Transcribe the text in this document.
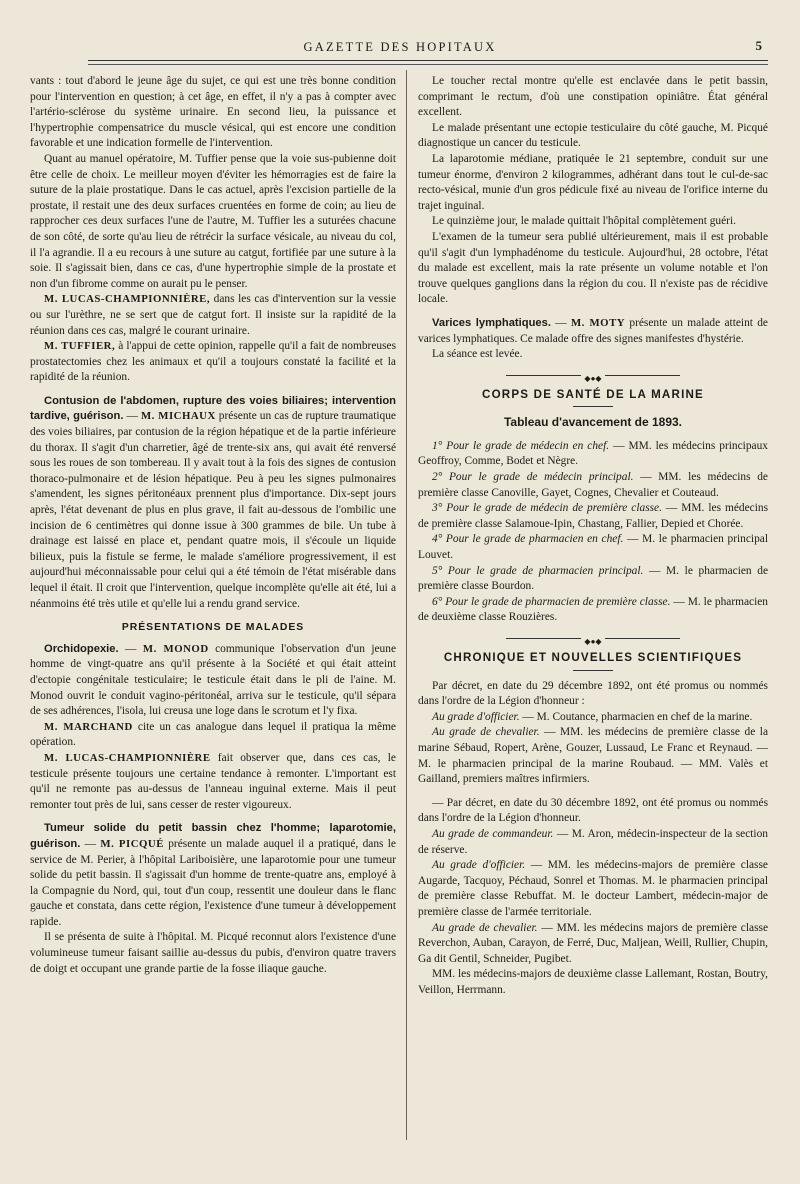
GAZETTE DES HOPITAUX	5

vants : tout d'abord le jeune âge du sujet, ce qui est une très bonne condition pour l'intervention en question; à cet âge, en effet, il n'y a pas à compter avec l'artério-sclérose du système urinaire. En second lieu, la puissance et l'hypertrophie compensatrice du muscle vésical, qui est encore une condition favorable et une indication formelle de l'intervention.

Quant au manuel opératoire, M. Tuffier pense que la voie sus-pubienne doit être celle de choix. Le meilleur moyen d'éviter les hémorragies est de faire la suture de la plaie prostatique. Dans le cas actuel, après l'excision partielle de la prostate, il restait une des deux surfaces cruentées en forme de coin; au lieu de rapprocher ces deux surfaces l'une de l'autre, M. Tuffier les a suturées chacune de son côté, de sorte qu'au lieu de rétrécir la surface vésicale, au niveau du col, il l'a agrandie. Il a eu recours à une suture au catgut, fortifiée par une suture à la soie. Il s'agissait bien, dans ce cas, d'une hypertrophie simple de la prostate et non d'un fibrome comme on aurait pu le penser.

M. LUCAS-CHAMPIONNIÈRE, dans les cas d'intervention sur la vessie ou sur l'urèthre, ne se sert que de catgut fort. Il insiste sur la rapidité de la réunion dans ces cas, malgré le courant urinaire.

M. TUFFIER, à l'appui de cette opinion, rappelle qu'il a fait de nombreuses prostatectomies chez les animaux et qu'il a toujours constaté la facilité et la rapidité de la réunion.

Contusion de l'abdomen, rupture des voies biliaires; intervention tardive, guérison. — M. MICHAUX présente un cas de rupture traumatique des voies biliaires, par contusion de la région hépatique et de la partie inférieure du thorax. Il s'agit d'un charretier, âgé de trente-six ans, qui avait été renversé sous les roues de son tombereau. Il y avait tout à la fois des signes de contusion thoraco-pulmonaire et de lésion hépatique. Peu à peu les signes pulmonaires s'amendent, les signes péritonéaux prennent plus d'importance. Dix-sept jours après, l'état devenant de plus en plus grave, il fait au-dessous de l'ombilic une incision de 6 centimètres qui donne issue à 300 grammes de bile. Un tube à drainage est laissé en place et, pendant quatre mois, il s'écoule un liquide bilieux, puis la fistule se ferme, le malade s'améliore progressivement, il est aujourd'hui méconnaissable pour celui qui a été témoin de l'état misérable dans lequel il était. Il croit que l'intervention, quelque incomplète qu'elle ait été, lui a néanmoins été très utile et qu'elle lui a rendu grand service.

PRÉSENTATIONS DE MALADES

Orchidopexie. — M. MONOD communique l'observation d'un jeune homme de vingt-quatre ans qu'il présente à la Société et qui était atteint d'ectopie congénitale testiculaire; le testicule était dans le pli de l'aine. M. Monod ouvrit le conduit vagino-péritonéal, arriva sur le testicule, qu'il sépara de ses adhérences, l'isola, lui creusa une loge dans le scrotum et l'y fixa.

M. MARCHAND cite un cas analogue dans lequel il pratiqua la même opération.

M. LUCAS-CHAMPIONNIÈRE fait observer que, dans ces cas, le testicule présente toujours une certaine tendance à remonter. L'important est qu'il ne remonte pas au-dessus de l'anneau inguinal externe. Mais il peut remonter tout près de lui, sans cesser de rester vigoureux.

Tumeur solide du petit bassin chez l'homme; laparotomie, guérison. — M. PICQUÉ présente un malade auquel il a pratiqué, dans le service de M. Perier, à l'hôpital Lariboisière, une laparotomie pour une tumeur solide du petit bassin. Il s'agissait d'un homme de trente-quatre ans, employé à la Compagnie du Nord, qui, tout d'un coup, ressentit une douleur dans le flanc gauche et constata, dans cette région, l'existence d'une tumeur à développement rapide.

Il se présenta de suite à l'hôpital. M. Picqué reconnut alors l'existence d'une volumineuse tumeur faisant saillie au-dessus du pubis, d'environ quatre travers de doigt et occupant une grande partie de la fosse iliaque gauche.

Le toucher rectal montre qu'elle est enclavée dans le petit bassin, comprimant le rectum, d'où une constipation opiniâtre. État général excellent.

Le malade présentant une ectopie testiculaire du côté gauche, M. Picqué diagnostique un cancer du testicule.

La laparotomie médiane, pratiquée le 21 septembre, conduit sur une tumeur énorme, d'environ 2 kilogrammes, adhérant dans tout le cul-de-sac recto-vésical, munie d'un gros pédicule fixé au niveau de l'orifice interne du trajet inguinal.

Le quinzième jour, le malade quittait l'hôpital complètement guéri.

L'examen de la tumeur sera publié ultérieurement, mais il est probable qu'il s'agit d'un lymphadénome du testicule. Aujourd'hui, 28 octobre, l'état du malade est excellent, mais la rate présente un volume notable et l'on trouve quelques ganglions dans la région du cou. Il n'existe pas de récidive locale.

Varices lymphatiques. — M. MOTY présente un malade atteint de varices lymphatiques. Ce malade offre des signes manifestes d'hystérie.

La séance est levée.

◆●◆
CORPS DE SANTÉ DE LA MARINE
Tableau d'avancement de 1893.

1° Pour le grade de médecin en chef. — MM. les médecins principaux Geoffroy, Comme, Bodet et Nègre.

2° Pour le grade de médecin principal. — MM. les médecins de première classe Canoville, Gayet, Cognes, Chevalier et Couteaud.

3° Pour le grade de médecin de première classe. — MM. les médecins de première classe Salamoue-Ipin, Chastang, Fallier, Depied et Chorée.

4° Pour le grade de pharmacien en chef. — M. le pharmacien principal Louvet.

5° Pour le grade de pharmacien principal. — M. le pharmacien de première classe Bourdon.

6° Pour le grade de pharmacien de première classe. — M. le pharmacien de deuxième classe Rouzières.

◆●◆
CHRONIQUE ET NOUVELLES SCIENTIFIQUES

Par décret, en date du 29 décembre 1892, ont été promus ou nommés dans l'ordre de la Légion d'honneur :

Au grade d'officier. — M. Coutance, pharmacien en chef de la marine.

Au grade de chevalier. — MM. les médecins de première classe de la marine Sébaud, Ropert, Arène, Gouzer, Lussaud, Le Franc et Reynaud. — M. le pharmacien principal de la marine Roubaud. — MM. Valès et Gailland, premiers maîtres infirmiers.

— Par décret, en date du 30 décembre 1892, ont été promus ou nommés dans l'ordre de la Légion d'honneur.

Au grade de commandeur. — M. Aron, médecin-inspecteur de la section de réserve.

Au grade d'officier. — MM. les médecins-majors de première classe Augarde, Tacquoy, Péchaud, Sonrel et Thomas. M. le pharmacien principal de première classe Rebuffat. M. le docteur Lambert, médecin-major de première classe de l'armée territoriale.

Au grade de chevalier. — MM. les médecins majors de première classe Reverchon, Auban, Carayon, de Ferré, Duc, Maljean, Weill, Rullier, Chupin, Ga dit Gentil, Schneider, Pugibet.

MM. les médecins-majors de deuxième classe Lallemant, Rostan, Boutry, Veillon, Herrmann.
